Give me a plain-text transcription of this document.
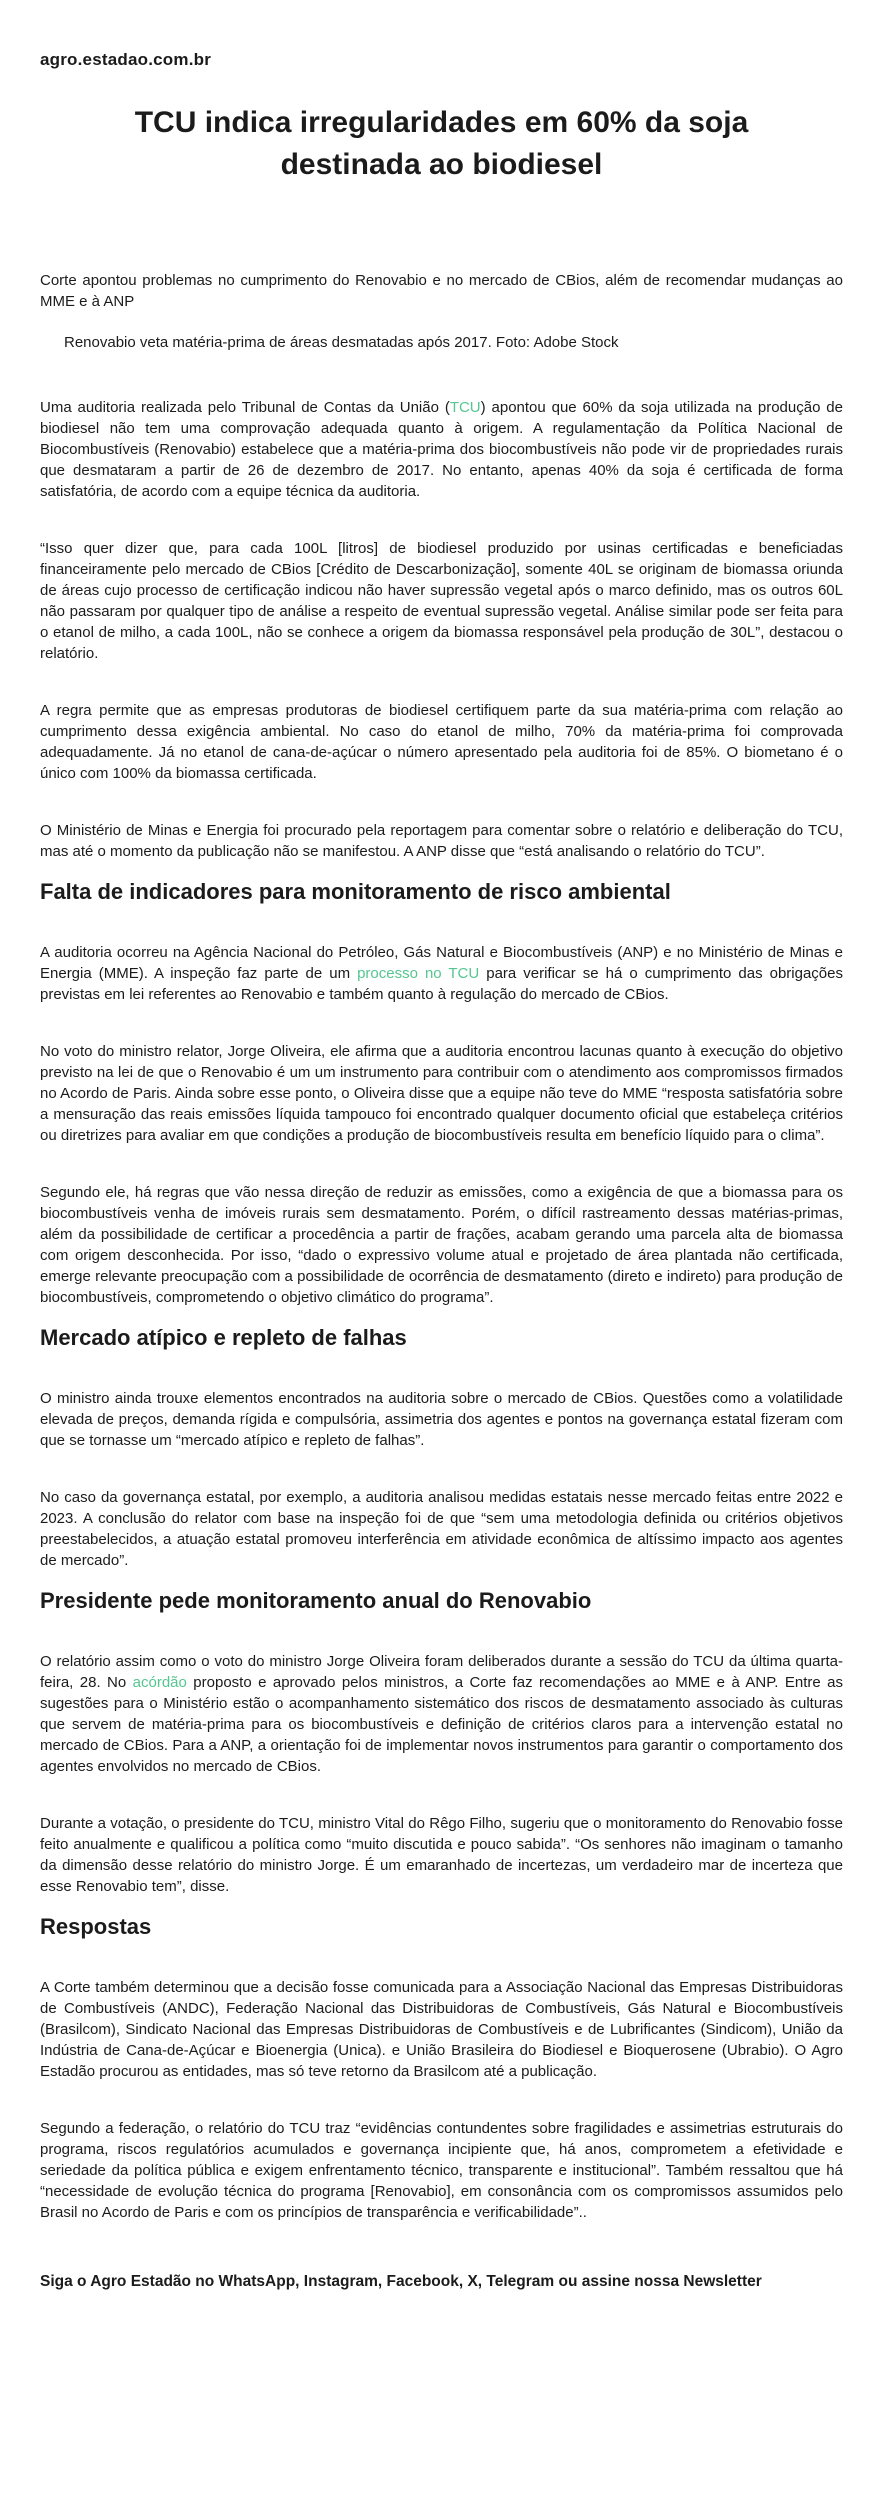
agro.estadao.com.br
TCU indica irregularidades em 60% da soja destinada ao biodiesel

Corte apontou problemas no cumprimento do Renovabio e no mercado de CBios, além de recomendar mudanças ao MME e à ANP

Renovabio veta matéria-prima de áreas desmatadas após 2017. Foto: Adobe Stock

Uma auditoria realizada pelo Tribunal de Contas da União (TCU) apontou que 60% da soja utilizada na produção de biodiesel não tem uma comprovação adequada quanto à origem. A regulamentação da Política Nacional de Biocombustíveis (Renovabio) estabelece que a matéria-prima dos biocombustíveis não pode vir de propriedades rurais que desmataram a partir de 26 de dezembro de 2017. No entanto, apenas 40% da soja é certificada de forma satisfatória, de acordo com a equipe técnica da auditoria.

“Isso quer dizer que, para cada 100L [litros] de biodiesel produzido por usinas certificadas e beneficiadas financeiramente pelo mercado de CBios [Crédito de Descarbonização], somente 40L se originam de biomassa oriunda de áreas cujo processo de certificação indicou não haver supressão vegetal após o marco definido, mas os outros 60L não passaram por qualquer tipo de análise a respeito de eventual supressão vegetal. Análise similar pode ser feita para o etanol de milho, a cada 100L, não se conhece a origem da biomassa responsável pela produção de 30L”, destacou o relatório.

A regra permite que as empresas produtoras de biodiesel certifiquem parte da sua matéria-prima com relação ao cumprimento dessa exigência ambiental. No caso do etanol de milho, 70% da matéria-prima foi comprovada adequadamente. Já no etanol de cana-de-açúcar o número apresentado pela auditoria foi de 85%. O biometano é o único com 100% da biomassa certificada.

O Ministério de Minas e Energia foi procurado pela reportagem para comentar sobre o relatório e deliberação do TCU, mas até o momento da publicação não se manifestou. A ANP disse que “está analisando o relatório do TCU”.

Falta de indicadores para monitoramento de risco ambiental

A auditoria ocorreu na Agência Nacional do Petróleo, Gás Natural e Biocombustíveis (ANP) e no Ministério de Minas e Energia (MME). A inspeção faz parte de um processo no TCU para verificar se há o cumprimento das obrigações previstas em lei referentes ao Renovabio e também quanto à regulação do mercado de CBios.

No voto do ministro relator, Jorge Oliveira, ele afirma que a auditoria encontrou lacunas quanto à execução do objetivo previsto na lei de que o Renovabio é um um instrumento para contribuir com o atendimento aos compromissos firmados no Acordo de Paris. Ainda sobre esse ponto, o Oliveira disse que a equipe não teve do MME “resposta satisfatória sobre a mensuração das reais emissões líquida tampouco foi encontrado qualquer documento oficial que estabeleça critérios ou diretrizes para avaliar em que condições a produção de biocombustíveis resulta em benefício líquido para o clima”.

Segundo ele, há regras que vão nessa direção de reduzir as emissões, como a exigência de que a biomassa para os biocombustíveis venha de imóveis rurais sem desmatamento. Porém, o difícil rastreamento dessas matérias-primas, além da possibilidade de certificar a procedência a partir de frações, acabam gerando uma parcela alta de biomassa com origem desconhecida. Por isso, “dado o expressivo volume atual e projetado de área plantada não certificada, emerge relevante preocupação com a possibilidade de ocorrência de desmatamento (direto e indireto) para produção de biocombustíveis, comprometendo o objetivo climático do programa”.

Mercado atípico e repleto de falhas

O ministro ainda trouxe elementos encontrados na auditoria sobre o mercado de CBios. Questões como a volatilidade elevada de preços, demanda rígida e compulsória, assimetria dos agentes e pontos na governança estatal fizeram com que se tornasse um “mercado atípico e repleto de falhas”.

No caso da governança estatal, por exemplo, a auditoria analisou medidas estatais nesse mercado feitas entre 2022 e 2023. A conclusão do relator com base na inspeção foi de que “sem uma metodologia definida ou critérios objetivos preestabelecidos, a atuação estatal promoveu interferência em atividade econômica de altíssimo impacto aos agentes de mercado”.

Presidente pede monitoramento anual do Renovabio

O relatório assim como o voto do ministro Jorge Oliveira foram deliberados durante a sessão do TCU da última quarta-feira, 28. No acórdão proposto e aprovado pelos ministros, a Corte faz recomendações ao MME e à ANP. Entre as sugestões para o Ministério estão o acompanhamento sistemático dos riscos de desmatamento associado às culturas que servem de matéria-prima para os biocombustíveis e definição de critérios claros para a intervenção estatal no mercado de CBios. Para a ANP, a orientação foi de implementar novos instrumentos para garantir o comportamento dos agentes envolvidos no mercado de CBios.

Durante a votação, o presidente do TCU, ministro Vital do Rêgo Filho, sugeriu que o monitoramento do Renovabio fosse feito anualmente e qualificou a política como “muito discutida e pouco sabida”. “Os senhores não imaginam o tamanho da dimensão desse relatório do ministro Jorge. É um emaranhado de incertezas, um verdadeiro mar de incerteza que esse Renovabio tem”, disse.

Respostas

A Corte também determinou que a decisão fosse comunicada para a Associação Nacional das Empresas Distribuidoras de Combustíveis (ANDC), Federação Nacional das Distribuidoras de Combustíveis, Gás Natural e Biocombustíveis (Brasilcom), Sindicato Nacional das Empresas Distribuidoras de Combustíveis e de Lubrificantes (Sindicom), União da Indústria de Cana-de-Açúcar e Bioenergia (Unica). e União Brasileira do Biodiesel e Bioquerosene (Ubrabio). O Agro Estadão procurou as entidades, mas só teve retorno da Brasilcom até a publicação.

Segundo a federação, o relatório do TCU traz “evidências contundentes sobre fragilidades e assimetrias estruturais do programa, riscos regulatórios acumulados e governança incipiente que, há anos, comprometem a efetividade e seriedade da política pública e exigem enfrentamento técnico, transparente e institucional”. Também ressaltou que há “necessidade de evolução técnica do programa [Renovabio], em consonância com os compromissos assumidos pelo Brasil no Acordo de Paris e com os princípios de transparência e verificabilidade”..

Siga o Agro Estadão no WhatsApp, Instagram, Facebook, X, Telegram ou assine nossa Newsletter
